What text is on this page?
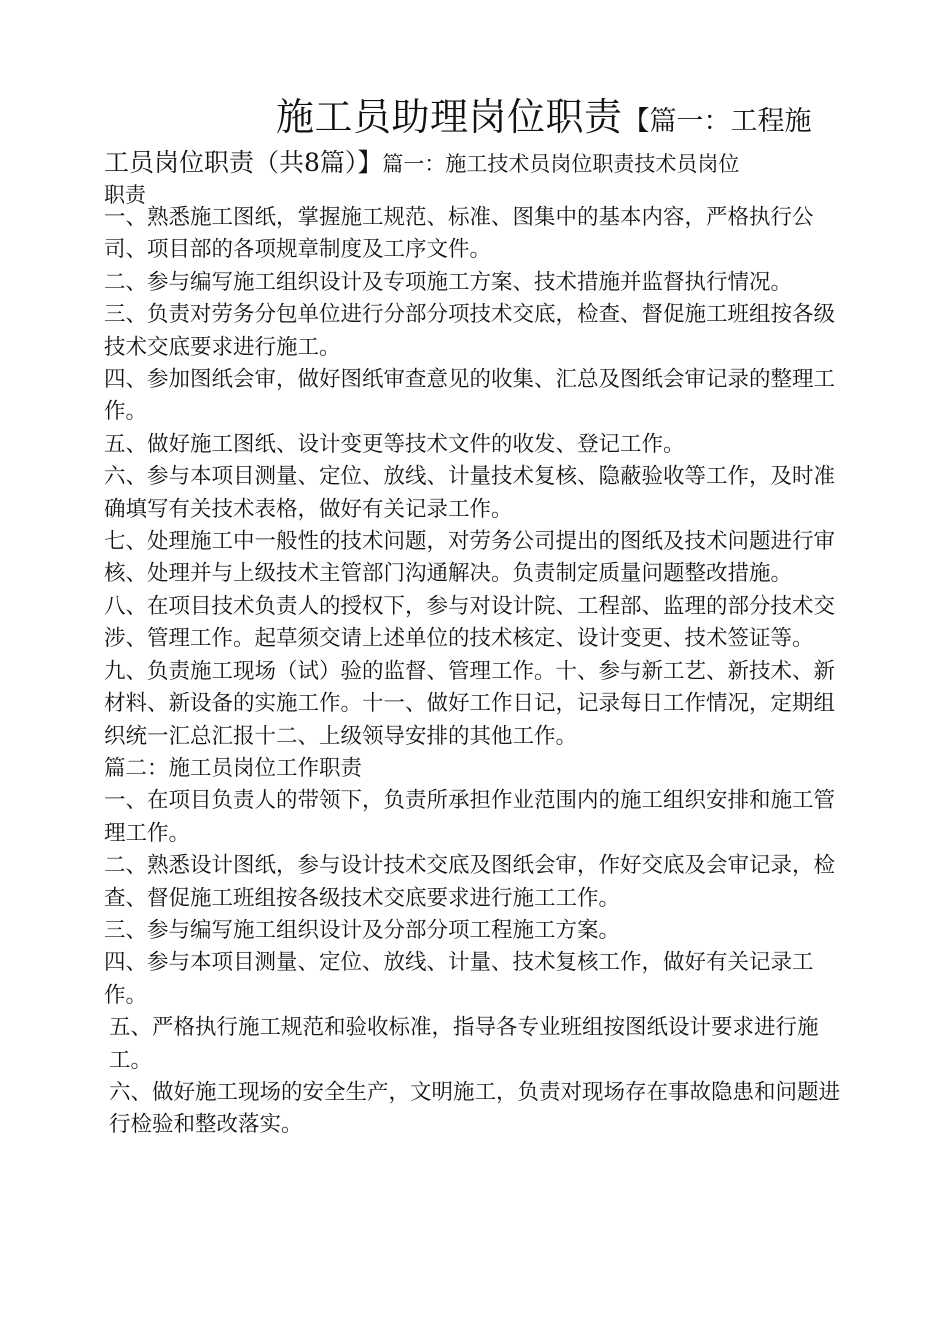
施工员助理岗位职责【篇一：工程施
工员岗位职责（共8篇）】篇一：施工技术员岗位职责技术员岗位
职责

一、熟悉施工图纸，掌握施工规范、标准、图集中的基本内容，严格执行公司、项目部的各项规章制度及工序文件。

二、参与编写施工组织设计及专项施工方案、技术措施并监督执行情况。

三、负责对劳务分包单位进行分部分项技术交底，检查、督促施工班组按各级技术交底要求进行施工。

四、参加图纸会审，做好图纸审查意见的收集、汇总及图纸会审记录的整理工作。

五、做好施工图纸、设计变更等技术文件的收发、登记工作。

六、参与本项目测量、定位、放线、计量技术复核、隐蔽验收等工作，及时准确填写有关技术表格，做好有关记录工作。

七、处理施工中一般性的技术问题，对劳务公司提出的图纸及技术问题进行审核、处理并与上级技术主管部门沟通解决。负责制定质量问题整改措施。

八、在项目技术负责人的授权下，参与对设计院、工程部、监理的部分技术交涉、管理工作。起草须交请上述单位的技术核定、设计变更、技术签证等。

九、负责施工现场（试）验的监督、管理工作。十、参与新工艺、新技术、新材料、新设备的实施工作。十一、做好工作日记，记录每日工作情况，定期组织统一汇总汇报十二、上级领导安排的其他工作。

篇二：施工员岗位工作职责

一、在项目负责人的带领下，负责所承担作业范围内的施工组织安排和施工管理工作。

二、熟悉设计图纸，参与设计技术交底及图纸会审，作好交底及会审记录，检查、督促施工班组按各级技术交底要求进行施工工作。

三、参与编写施工组织设计及分部分项工程施工方案。

四、参与本项目测量、定位、放线、计量、技术复核工作，做好有关记录工作。

五、严格执行施工规范和验收标准，指导各专业班组按图纸设计要求进行施工。

六、做好施工现场的安全生产，文明施工，负责对现场存在事故隐患和问题进行检验和整改落实。
